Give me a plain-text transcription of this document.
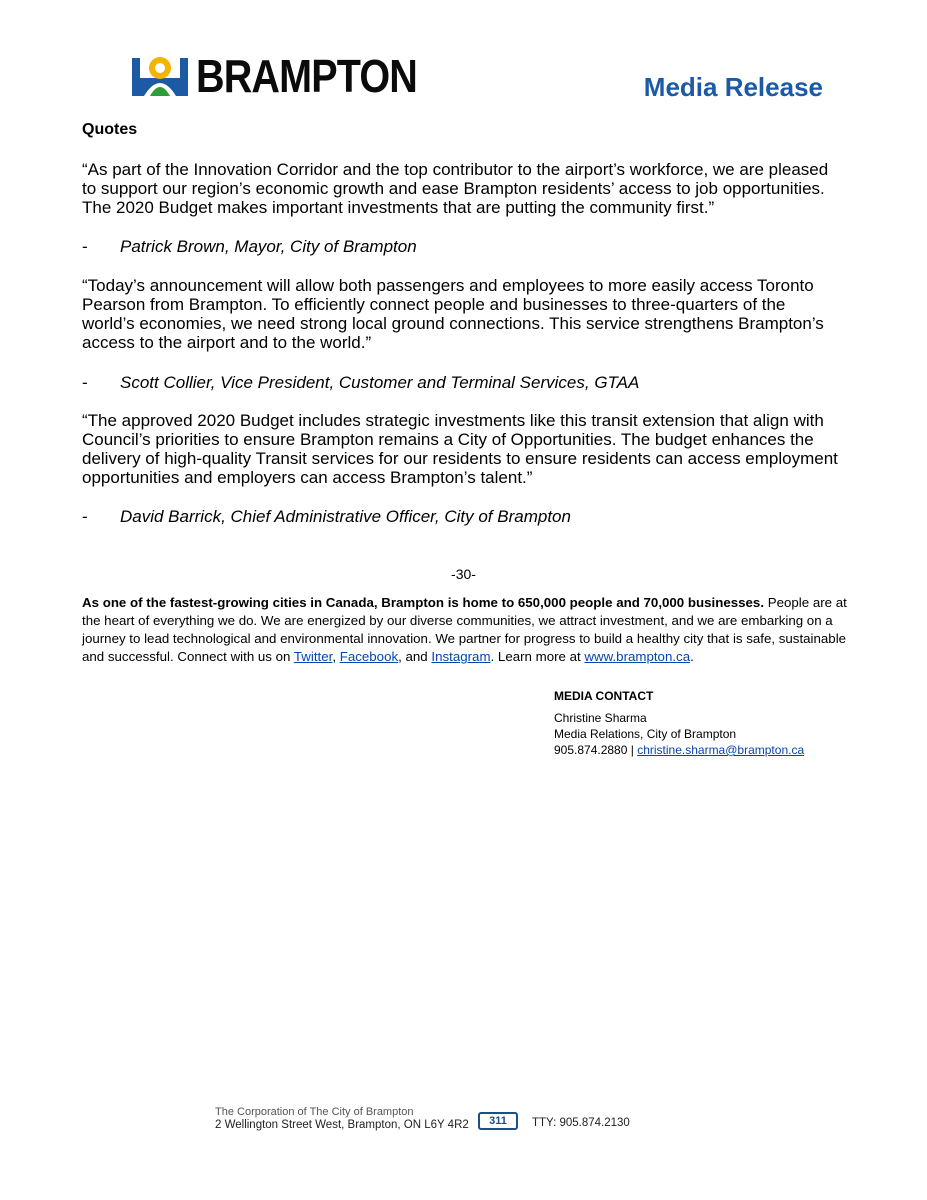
BRAMPTON	Media Release
Quotes
“As part of the Innovation Corridor and the top contributor to the airport’s workforce, we are pleased to support our region’s economic growth and ease Brampton residents’ access to job opportunities. The 2020 Budget makes important investments that are putting the community first.”
-	Patrick Brown, Mayor, City of Brampton
“Today’s announcement will allow both passengers and employees to more easily access Toronto Pearson from Brampton. To efficiently connect people and businesses to three-quarters of the world’s economies, we need strong local ground connections. This service strengthens Brampton’s access to the airport and to the world.”
-	Scott Collier, Vice President, Customer and Terminal Services, GTAA
“The approved 2020 Budget includes strategic investments like this transit extension that align with Council’s priorities to ensure Brampton remains a City of Opportunities. The budget enhances the delivery of high-quality Transit services for our residents to ensure residents can access employment opportunities and employers can access Brampton’s talent.”
-	David Barrick, Chief Administrative Officer, City of Brampton
-30-
As one of the fastest-growing cities in Canada, Brampton is home to 650,000 people and 70,000 businesses. People are at the heart of everything we do. We are energized by our diverse communities, we attract investment, and we are embarking on a journey to lead technological and environmental innovation. We partner for progress to build a healthy city that is safe, sustainable and successful. Connect with us on Twitter, Facebook, and Instagram. Learn more at www.brampton.ca.
MEDIA CONTACT
Christine Sharma
Media Relations, City of Brampton
905.874.2880 | christine.sharma@brampton.ca
The Corporation of The City of Brampton
2 Wellington Street West, Brampton, ON L6Y 4R2	311	TTY: 905.874.2130
